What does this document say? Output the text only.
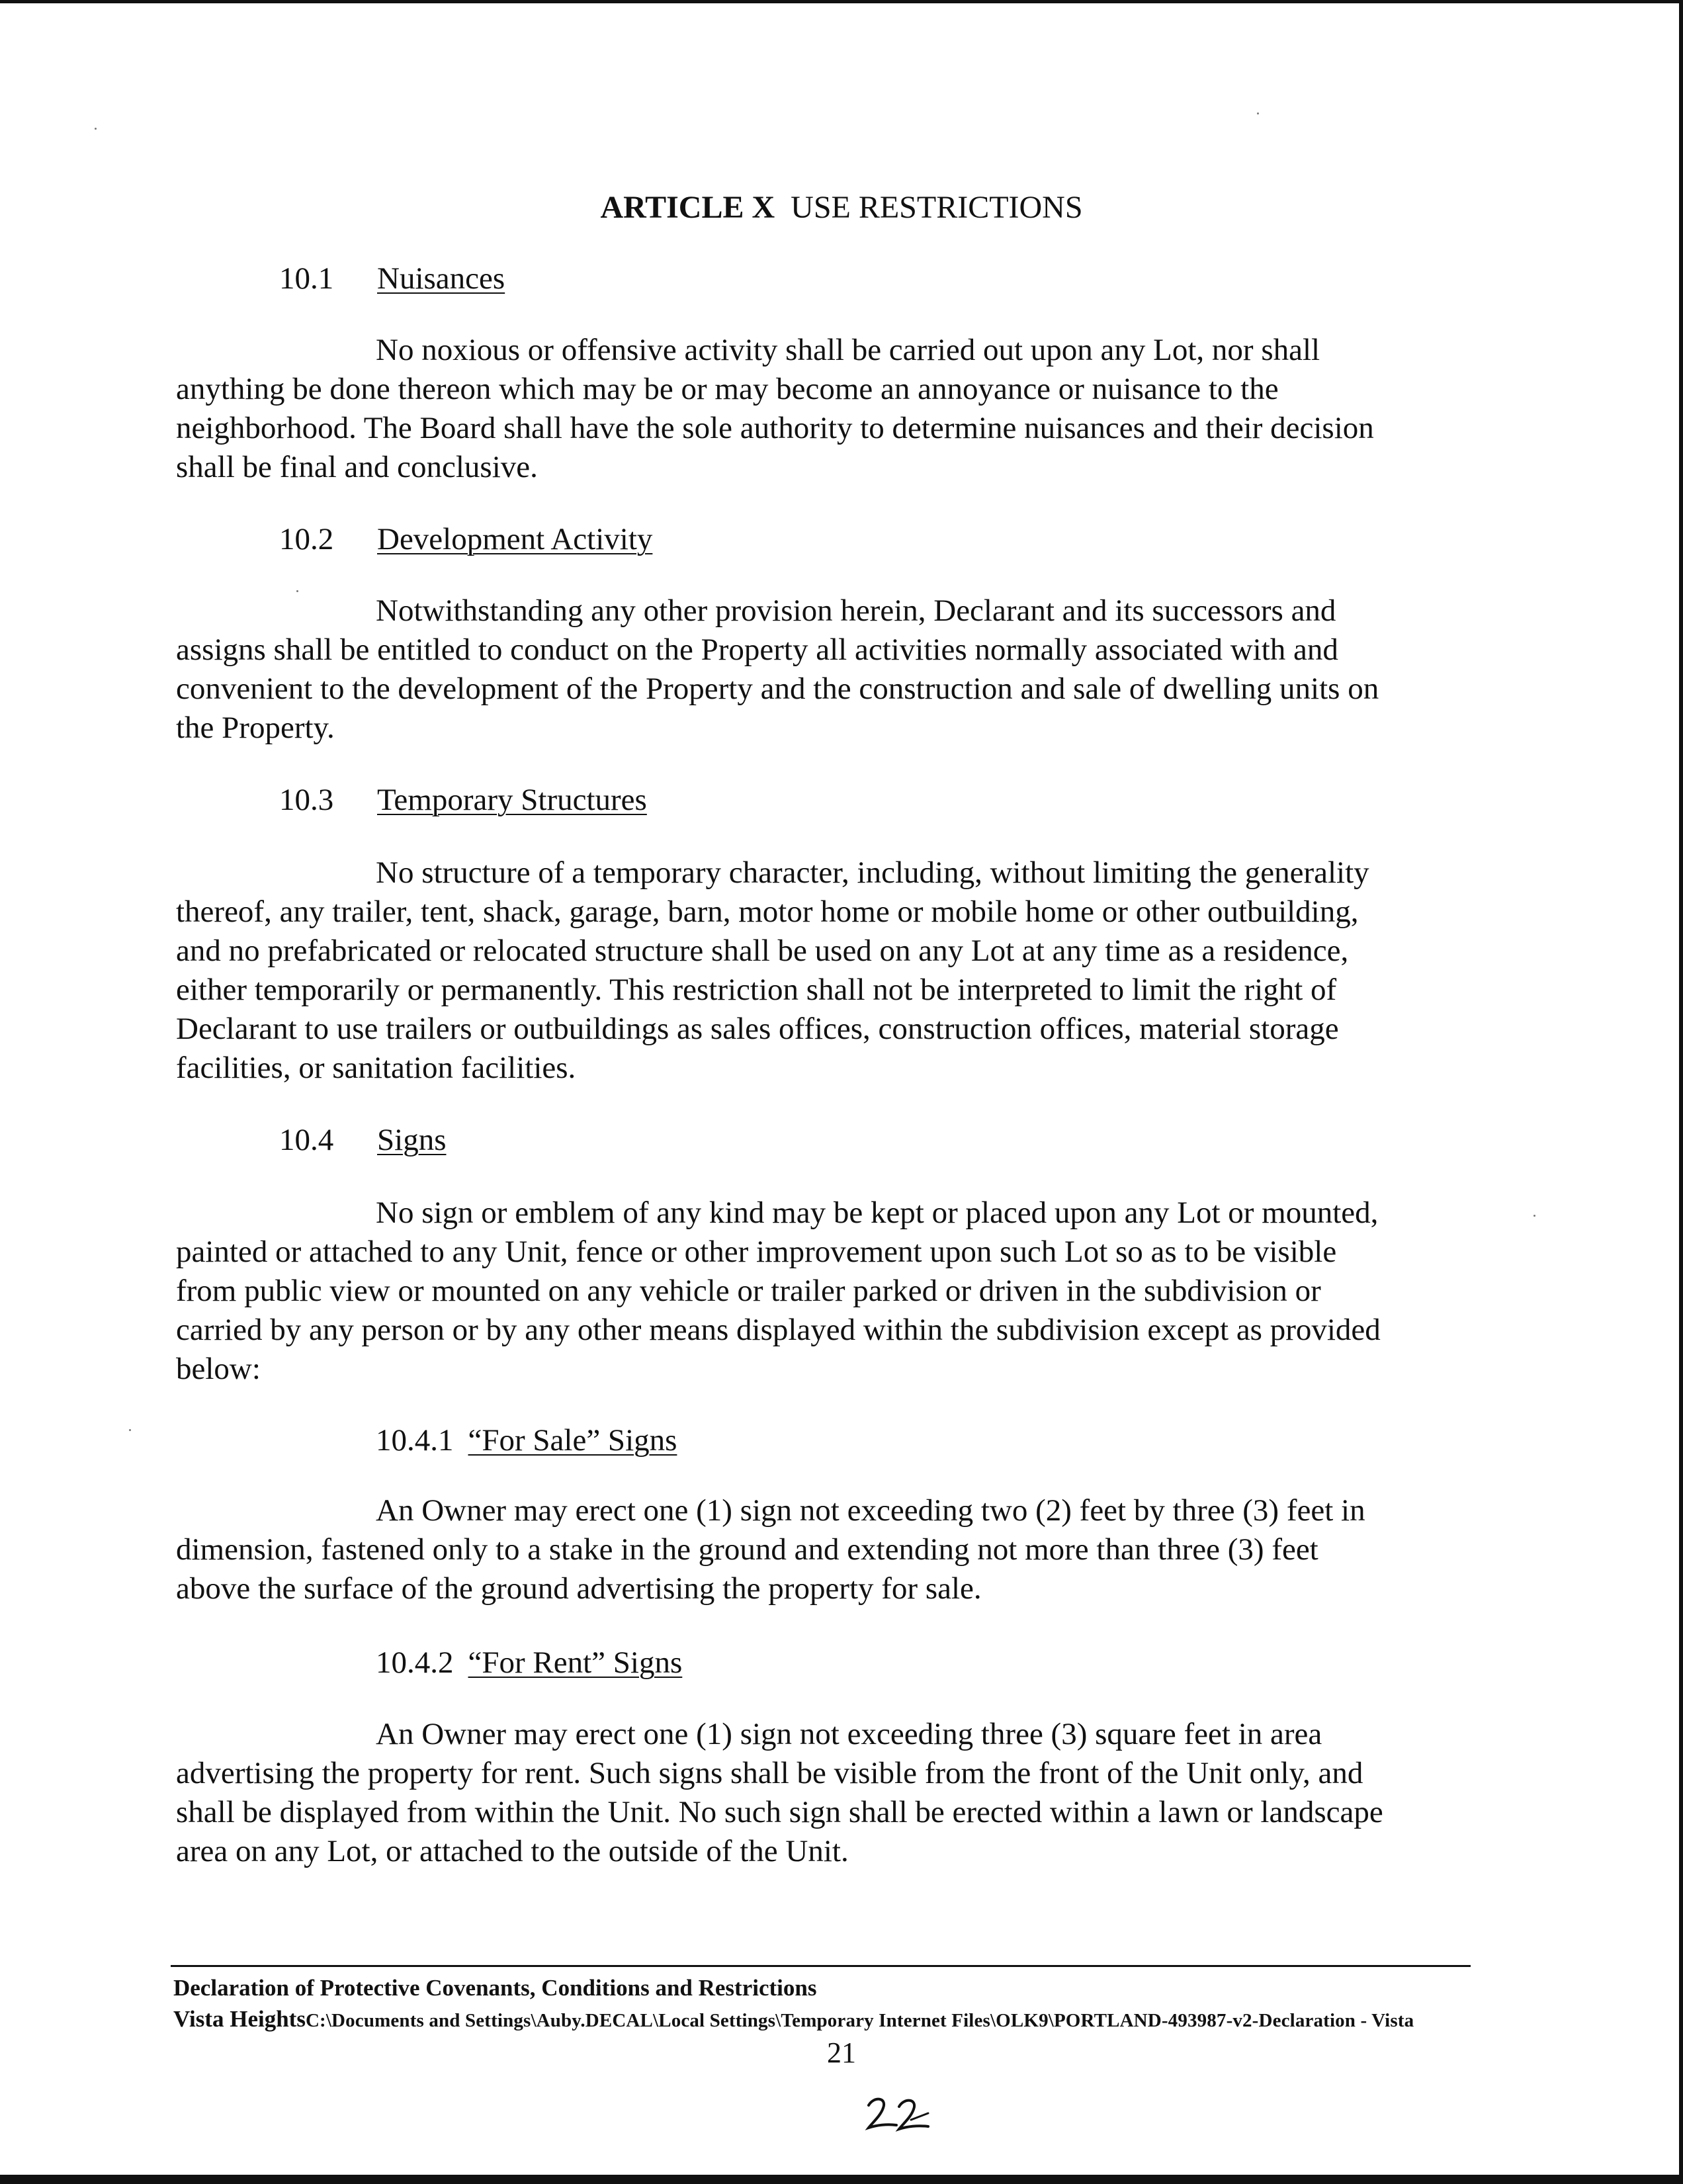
ARTICLE X USE RESTRICTIONS
10.1 Nuisances

No noxious or offensive activity shall be carried out upon any Lot, nor shall
anything be done thereon which may be or may become an annoyance or nuisance to the
neighborhood. The Board shall have the sole authority to determine nuisances and their decision
shall be final and conclusive.

10.2 Development Activity

Notwithstanding any other provision herein, Declarant and its successors and
assigns shall be entitled to conduct on the Property all activities normally associated with and
convenient to the development of the Property and the construction and sale of dwelling units on
the Property.

10.3 Temporary Structures

No structure of a temporary character, including, without limiting the generality
thereof, any trailer, tent, shack, garage, barn, motor home or mobile home or other outbuilding,
and no prefabricated or relocated structure shall be used on any Lot at any time as a residence,
either temporarily or permanently. This restriction shall not be interpreted to limit the right of
Declarant to use trailers or outbuildings as sales offices, construction offices, material storage
facilities, or sanitation facilities.

10.4 Signs

No sign or emblem of any kind may be kept or placed upon any Lot or mounted,
painted or attached to any Unit, fence or other improvement upon such Lot so as to be visible
from public view or mounted on any vehicle or trailer parked or driven in the subdivision or
carried by any person or by any other means displayed within the subdivision except as provided
below:

10.4.1 “For Sale” Signs

An Owner may erect one (1) sign not exceeding two (2) feet by three (3) feet in
dimension, fastened only to a stake in the ground and extending not more than three (3) feet
above the surface of the ground advertising the property for sale.

10.4.2 “For Rent” Signs

An Owner may erect one (1) sign not exceeding three (3) square feet in area
advertising the property for rent. Such signs shall be visible from the front of the Unit only, and
shall be displayed from within the Unit. No such sign shall be erected within a lawn or landscape
area on any Lot, or attached to the outside of the Unit.

Declaration of Protective Covenants, Conditions and Restrictions
Vista HeightsC:\Documents and Settings\Auby.DECAL\Local Settings\Temporary Internet Files\OLK9\PORTLAND-493987-v2-Declaration - Vista
21
